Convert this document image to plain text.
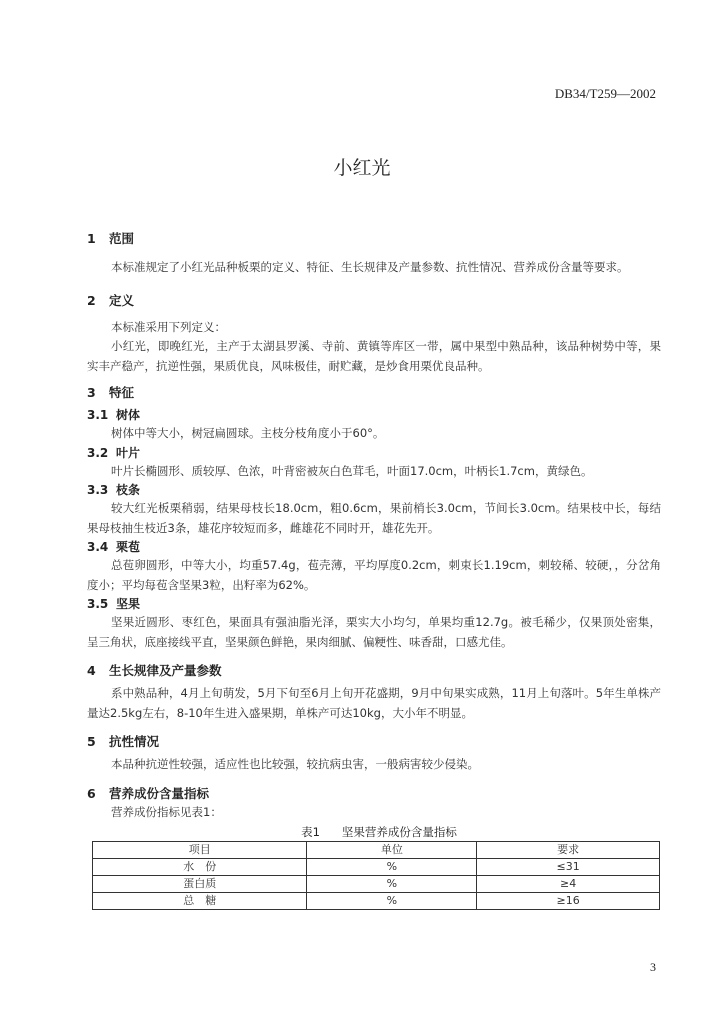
DB34/T259—2002
小红光
1 范围
本标准规定了小红光品种板栗的定义、特征、生长规律及产量参数、抗性情况、营养成份含量等要求。
2 定义
本标准采用下列定义：
小红光，即晚红光，主产于太湖县罗溪、寺前、黄镇等库区一带，属中果型中熟品种，该品种树势中等，果实丰产稳产，抗逆性强，果质优良，风味极佳，耐贮藏，是炒食用栗优良品种。
3 特征
3.1 树体
树体中等大小，树冠扁圆球。主枝分枝角度小于60°。
3.2 叶片
叶片长椭圆形、质较厚、色浓，叶背密被灰白色茸毛，叶面17.0cm，叶柄长1.7cm，黄绿色。
3.3 枝条
较大红光板栗稍弱，结果母枝长18.0cm，粗0.6cm，果前梢长3.0cm，节间长3.0cm。结果枝中长，每结果母枝抽生枝近3条，雄花序较短而多，雌雄花不同时开，雄花先开。
3.4 栗苞
总苞卵圆形，中等大小，均重57.4g，苞壳薄，平均厚度0.2cm，刺束长1.19cm，刺较稀、较硬，，分岔角度小；平均每苞含坚果3粒，出籽率为62%。
3.5 坚果
坚果近圆形、枣红色，果面具有强油脂光泽，栗实大小均匀，单果均重12.7g。被毛稀少，仅果顶处密集，呈三角状，底座接线平直，坚果颜色鲜艳，果肉细腻、偏粳性、味香甜，口感尤佳。
4 生长规律及产量参数
系中熟品种，4月上旬萌发，5月下旬至6月上旬开花盛期，9月中旬果实成熟，11月上旬落叶。5年生单株产量达2.5kg左右，8-10年生进入盛果期，单株产可达10kg，大小年不明显。
5 抗性情况
本品种抗逆性较强，适应性也比较强，较抗病虫害，一般病害较少侵染。
6 营养成份含量指标
营养成份指标见表1：
表1 坚果营养成份含量指标
项目	单位	要求
水　份	%	≤31
蛋白质	%	≥4
总　糖	%	≥16
3
